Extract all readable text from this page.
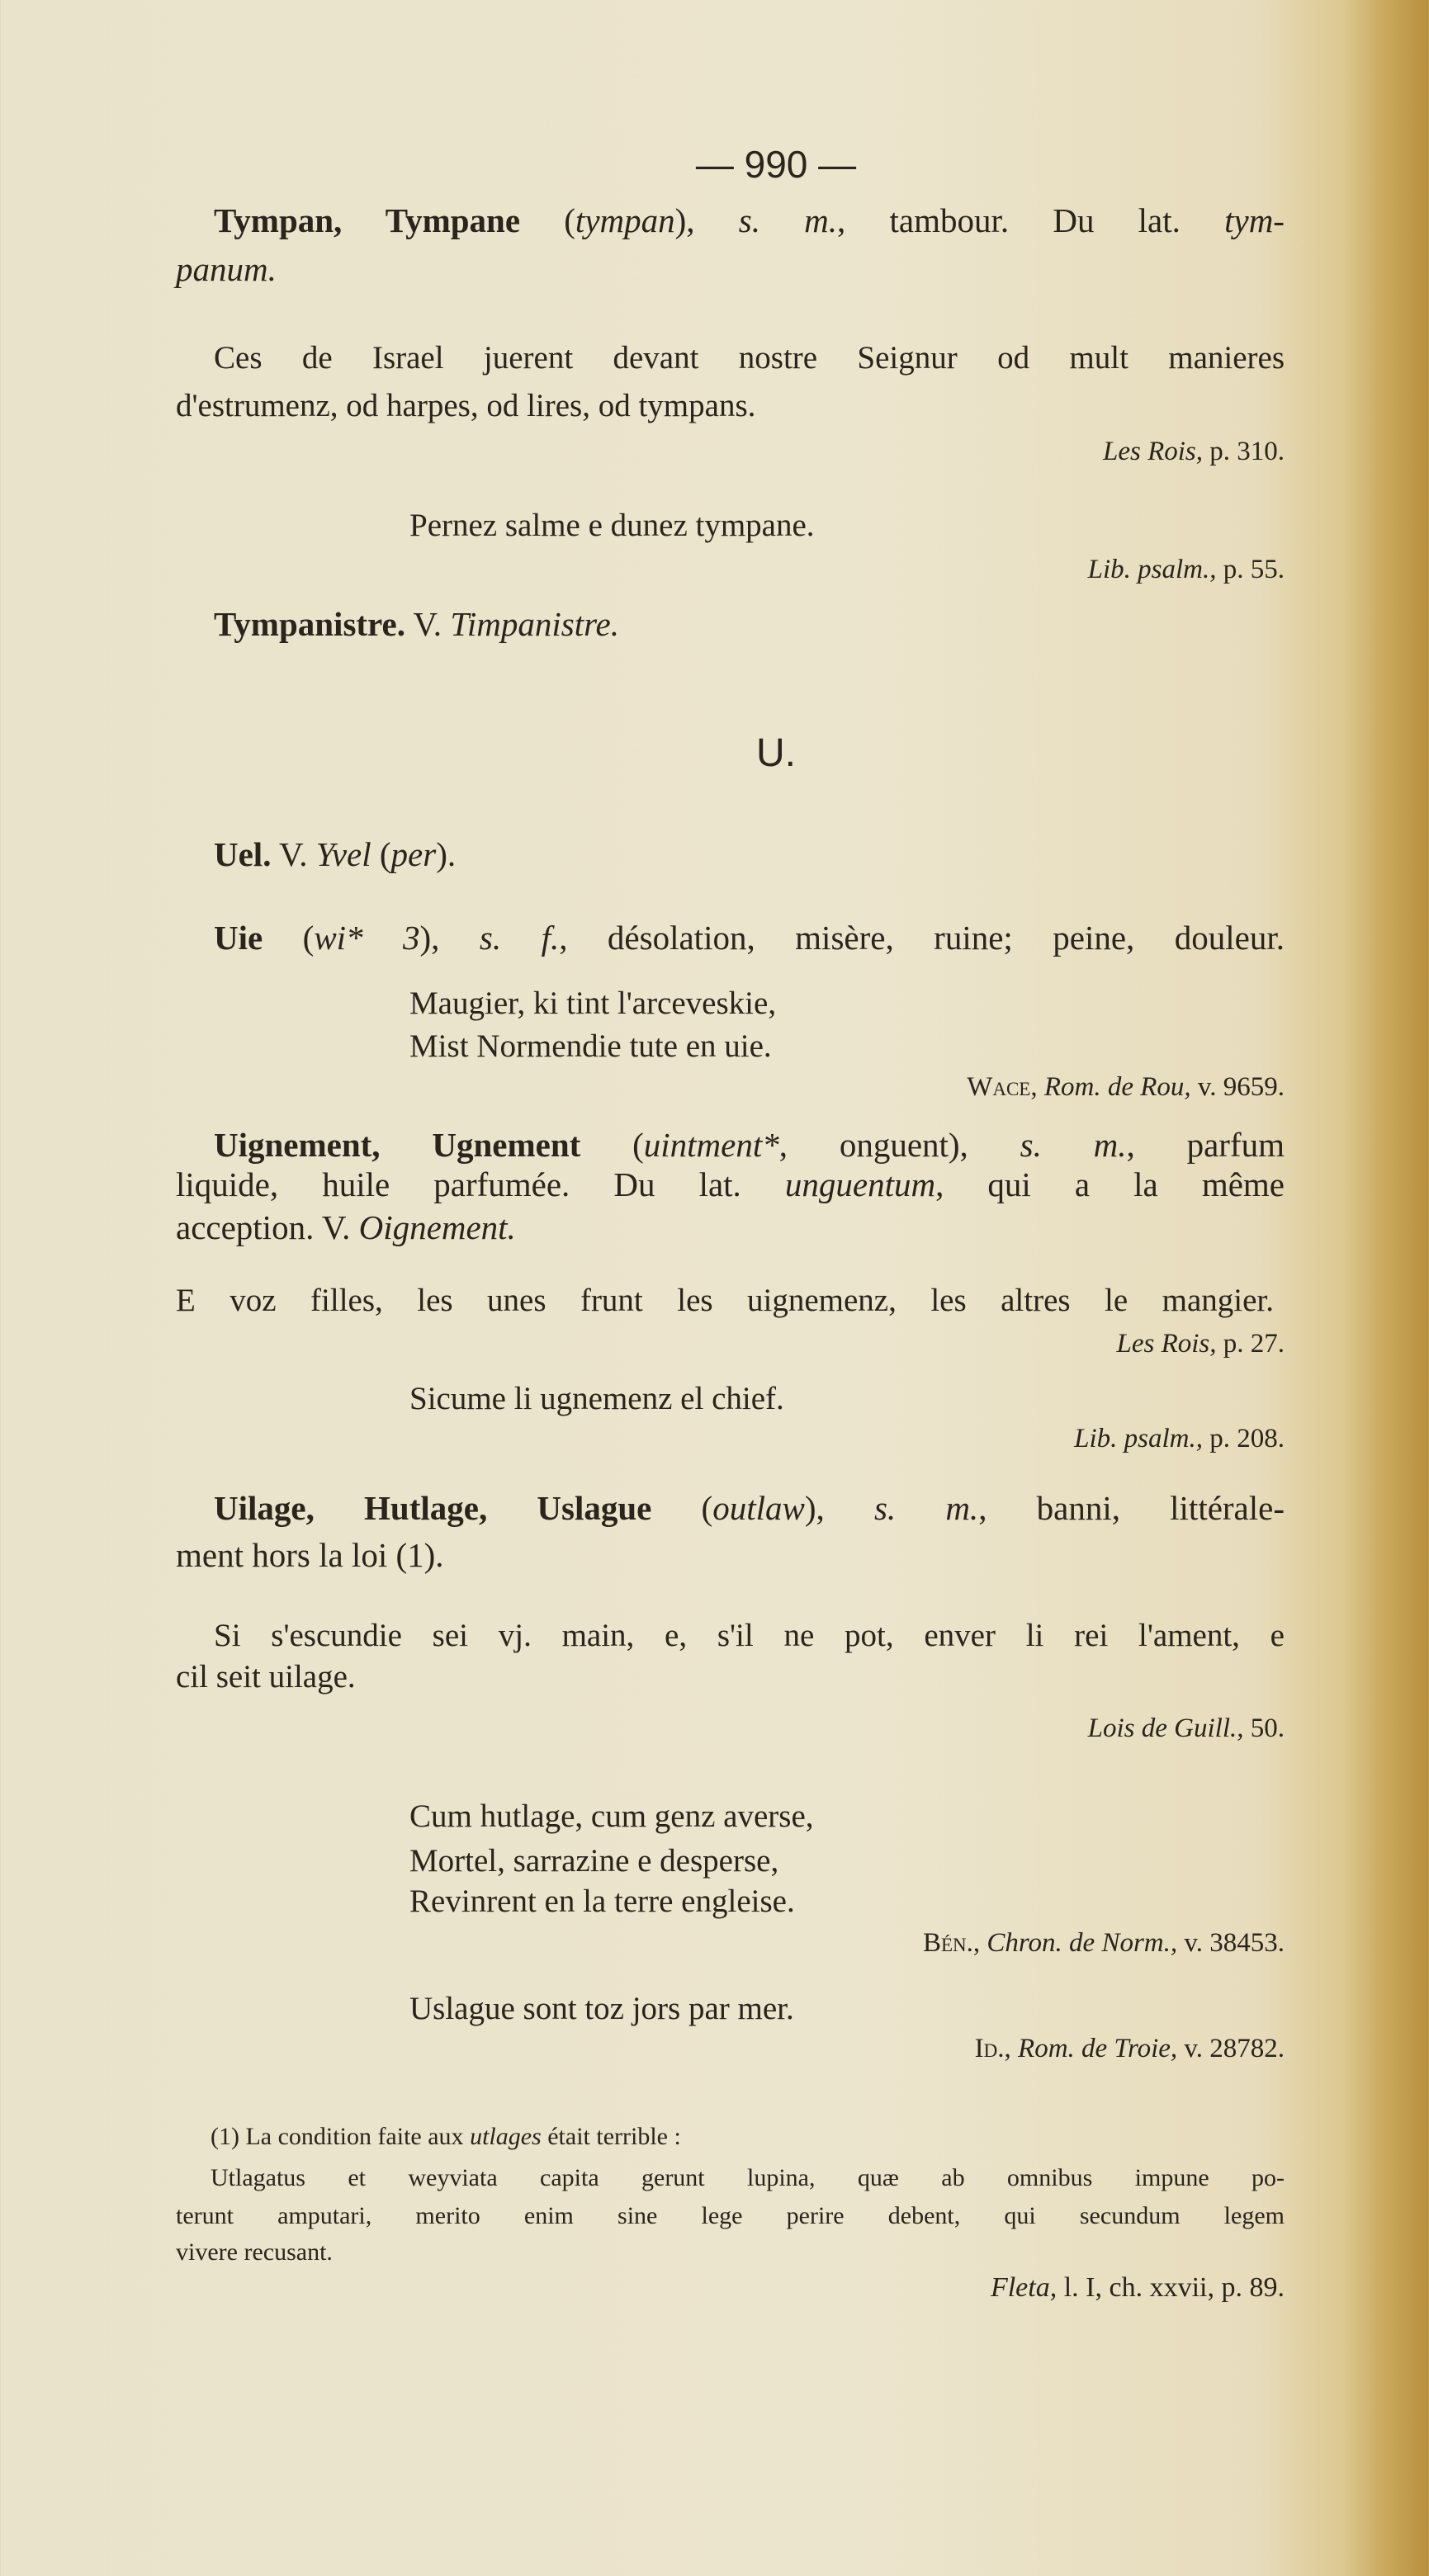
— 990 —
Tympan, Tympane (tympan), s. m., tambour. Du lat. tym-
panum.
Ces de Israel juerent devant nostre Seignur od mult manieres
d'estrumenz, od harpes, od lires, od tympans.
Les Rois, p. 310.
Pernez salme e dunez tympane.
Lib. psalm., p. 55.
Tympanistre. V. Timpanistre.
U.
Uel. V. Yvel (per).
Uie (wi* 3), s. f., désolation, misère, ruine; peine, douleur.
Maugier, ki tint l'arceveskie,
Mist Normendie tute en uie.
Wace, Rom. de Rou, v. 9659.
Uignement, Ugnement (uintment*, onguent), s. m., parfum
liquide, huile parfumée. Du lat. unguentum, qui a la même
acception. V. Oignement.
E voz filles, les unes frunt les uignemenz, les altres le mangier.
Les Rois, p. 27.
Sicume li ugnemenz el chief.
Lib. psalm., p. 208.
Uilage, Hutlage, Uslague (outlaw), s. m., banni, littérale-
ment hors la loi (1).
Si s'escundie sei vj. main, e, s'il ne pot, enver li rei l'ament, e
cil seit uilage.
Lois de Guill., 50.
Cum hutlage, cum genz averse,
Mortel, sarrazine e desperse,
Revinrent en la terre engleise.
Bén., Chron. de Norm., v. 38453.
Uslague sont toz jors par mer.
Id., Rom. de Troie, v. 28782.
(1) La condition faite aux utlages était terrible :
Utlagatus et weyviata capita gerunt lupina, quæ ab omnibus impune po-
terunt amputari, merito enim sine lege perire debent, qui secundum legem
vivere recusant.
Fleta, l. I, ch. xxvii, p. 89.
